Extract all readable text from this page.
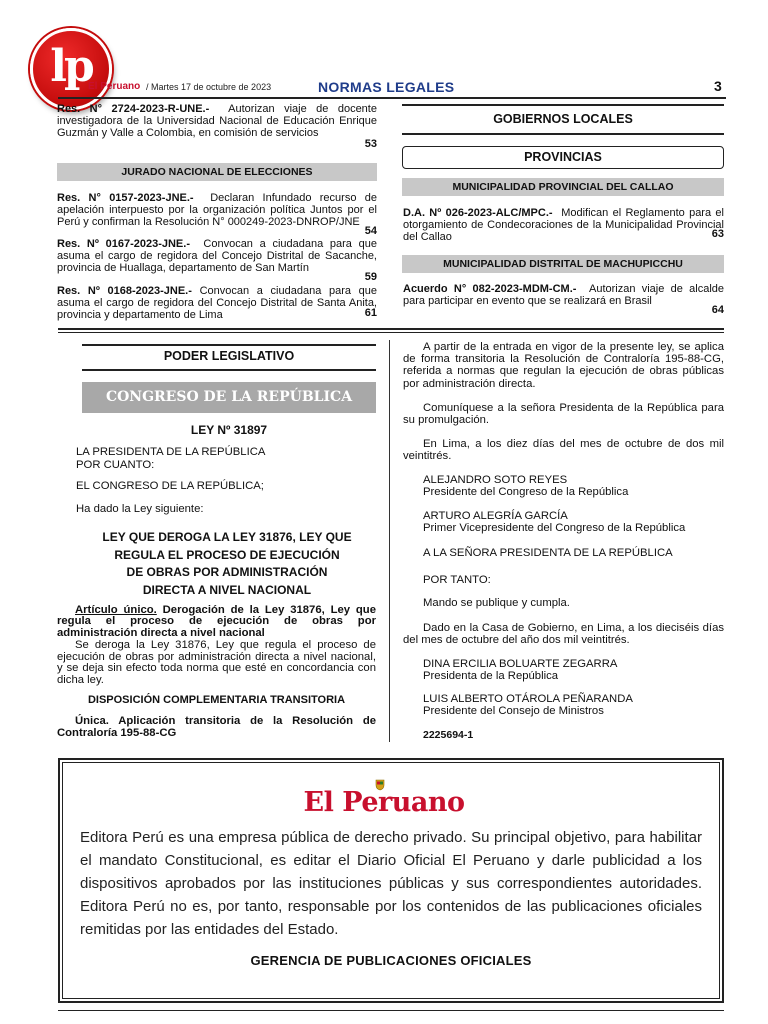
lp
El Peruano / Martes 17 de octubre de 2023	NORMAS LEGALES	3
Res. N° 2724-2023-R-UNE.- Autorizan viaje de docente investigadora de la Universidad Nacional de Educación Enrique Guzmán y Valle a Colombia, en comisión de servicios
53
JURADO NACIONAL DE ELECCIONES
Res. N° 0157-2023-JNE.- Declaran Infundado recurso de apelación interpuesto por la organización política Juntos por el Perú y confirman la Resolución N° 000249-2023-DNROP/JNE
54
Res. Nº 0167-2023-JNE.- Convocan a ciudadana para que asuma el cargo de regidora del Concejo Distrital de Sacanche, provincia de Huallaga, departamento de San Martín
59
Res. Nº 0168-2023-JNE.- Convocan a ciudadana para que asuma el cargo de regidora del Concejo Distrital de Santa Anita, provincia y departamento de Lima	61
GOBIERNOS LOCALES
PROVINCIAS
MUNICIPALIDAD PROVINCIAL DEL CALLAO
D.A. Nº 026-2023-ALC/MPC.- Modifican el Reglamento para el otorgamiento de Condecoraciones de la Municipalidad Provincial del Callao	63
MUNICIPALIDAD DISTRITAL DE MACHUPICCHU
Acuerdo N° 082-2023-MDM-CM.- Autorizan viaje de alcalde para participar en evento que se realizará en Brasil
64
PODER LEGISLATIVO
CONGRESO DE LA REPÚBLICA
LEY Nº 31897
LA PRESIDENTA DE LA REPÚBLICA
POR CUANTO:
EL CONGRESO DE LA REPÚBLICA;
Ha dado la Ley siguiente:
LEY QUE DEROGA LA LEY 31876, LEY QUE
REGULA EL PROCESO DE EJECUCIÓN
DE OBRAS POR ADMINISTRACIÓN
DIRECTA A NIVEL NACIONAL
Artículo único. Derogación de la Ley 31876, Ley que regula el proceso de ejecución de obras por administración directa a nivel nacional
Se deroga la Ley 31876, Ley que regula el proceso de ejecución de obras por administración directa a nivel nacional, y se deja sin efecto toda norma que esté en concordancia con dicha ley.
DISPOSICIÓN COMPLEMENTARIA TRANSITORIA
Única. Aplicación transitoria de la Resolución de Contraloría 195-88-CG
A partir de la entrada en vigor de la presente ley, se aplica de forma transitoria la Resolución de Contraloría 195-88-CG, referida a normas que regulan la ejecución de obras públicas por administración directa.
Comuníquese a la señora Presidenta de la República para su promulgación.
En Lima, a los diez días del mes de octubre de dos mil veintitrés.
ALEJANDRO SOTO REYES
Presidente del Congreso de la República
ARTURO ALEGRÍA GARCÍA
Primer Vicepresidente del Congreso de la República
A LA SEÑORA PRESIDENTA DE LA REPÚBLICA
POR TANTO:
Mando se publique y cumpla.
Dado en la Casa de Gobierno, en Lima, a los dieciséis días del mes de octubre del año dos mil veintitrés.
DINA ERCILIA BOLUARTE ZEGARRA
Presidenta de la República
LUIS ALBERTO OTÁROLA PEÑARANDA
Presidente del Consejo de Ministros
2225694-1
El Peruano
Editora Perú es una empresa pública de derecho privado. Su principal objetivo, para habilitar el mandato Constitucional, es editar el Diario Oficial El Peruano y darle publicidad a los dispositivos aprobados por las instituciones públicas y sus correspondientes autoridades. Editora Perú no es, por tanto, responsable por los contenidos de las publicaciones oficiales remitidas por las entidades del Estado.
GERENCIA DE PUBLICACIONES OFICIALES
